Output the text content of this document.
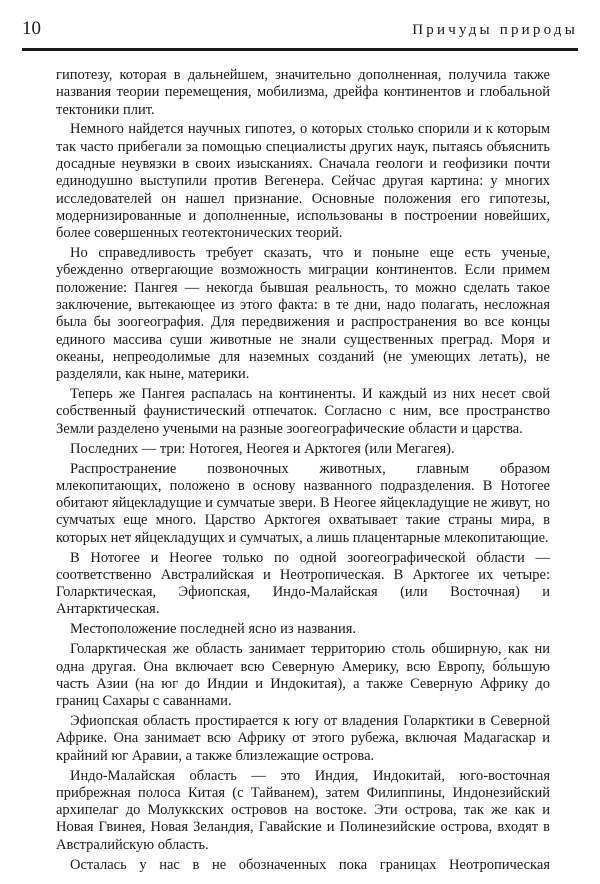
10	Причуды природы

гипотезу, которая в дальнейшем, значительно дополненная, получила также названия теории перемещения, мобилизма, дрейфа континентов и глобальной тектоники плит.

Немного найдется научных гипотез, о которых столько спорили и к которым так часто прибегали за помощью специалисты других наук, пытаясь объяснить досадные неувязки в своих изысканиях. Сначала геологи и геофизики почти единодушно выступили против Вегенера. Сейчас другая картина: у многих исследователей он нашел признание. Основные положения его гипотезы, модернизированные и дополненные, использованы в построении новейших, более совершенных геотектонических теорий.

Но справедливость требует сказать, что и поныне еще есть ученые, убежденно отвергающие возможность миграции континентов. Если примем положение: Пангея — некогда бывшая реальность, то можно сделать такое заключение, вытекающее из этого факта: в те дни, надо полагать, несложная была бы зоогеография. Для передвижения и распространения во все концы единого массива суши животные не знали существенных преград. Моря и океаны, непреодолимые для наземных созданий (не умеющих летать), не разделяли, как ныне, материки.

Теперь же Пангея распалась на континенты. И каждый из них несет свой собственный фаунистический отпечаток. Согласно с ним, все пространство Земли разделено учеными на разные зоогеографические области и царства.

Последних — три: Нотогея, Неогея и Арктогея (или Мегагея).

Распространение позвоночных животных, главным образом млекопитающих, положено в основу названного подразделения. В Нотогее обитают яйцекладущие и сумчатые звери. В Неогее яйцекладущие не живут, но сумчатых еще много. Царство Арктогея охватывает такие страны мира, в которых нет яйцекладущих и сумчатых, а лишь плацентарные млекопитающие.

В Нотогее и Неогее только по одной зоогеографической области — соответственно Австралийская и Неотропическая. В Арктогее их четыре: Голарктическая, Эфиопская, Индо-Малайская (или Восточная) и Антарктическая.

Местоположение последней ясно из названия.

Голарктическая же область занимает территорию столь обширную, как ни одна другая. Она включает всю Северную Америку, всю Европу, бо́льшую часть Азии (на юг до Индии и Индокитая), а также Северную Африку до границ Сахары с саваннами.

Эфиопская область простирается к югу от владения Голарктики в Северной Африке. Она занимает всю Африку от этого рубежа, включая Мадагаскар и крайний юг Аравии, а также близлежащие острова.

Индо-Малайская область — это Индия, Индокитай, юго-восточная прибрежная полоса Китая (с Тайванем), затем Филиппины, Индонезийский архипелаг до Молуккских островов на востоке. Эти острова, так же как и Новая Гвинея, Новая Зеландия, Гавайские и Полинезийские острова, входят в Австралийскую область.

Осталась у нас в не обозначенных пока границах Неотропическая
